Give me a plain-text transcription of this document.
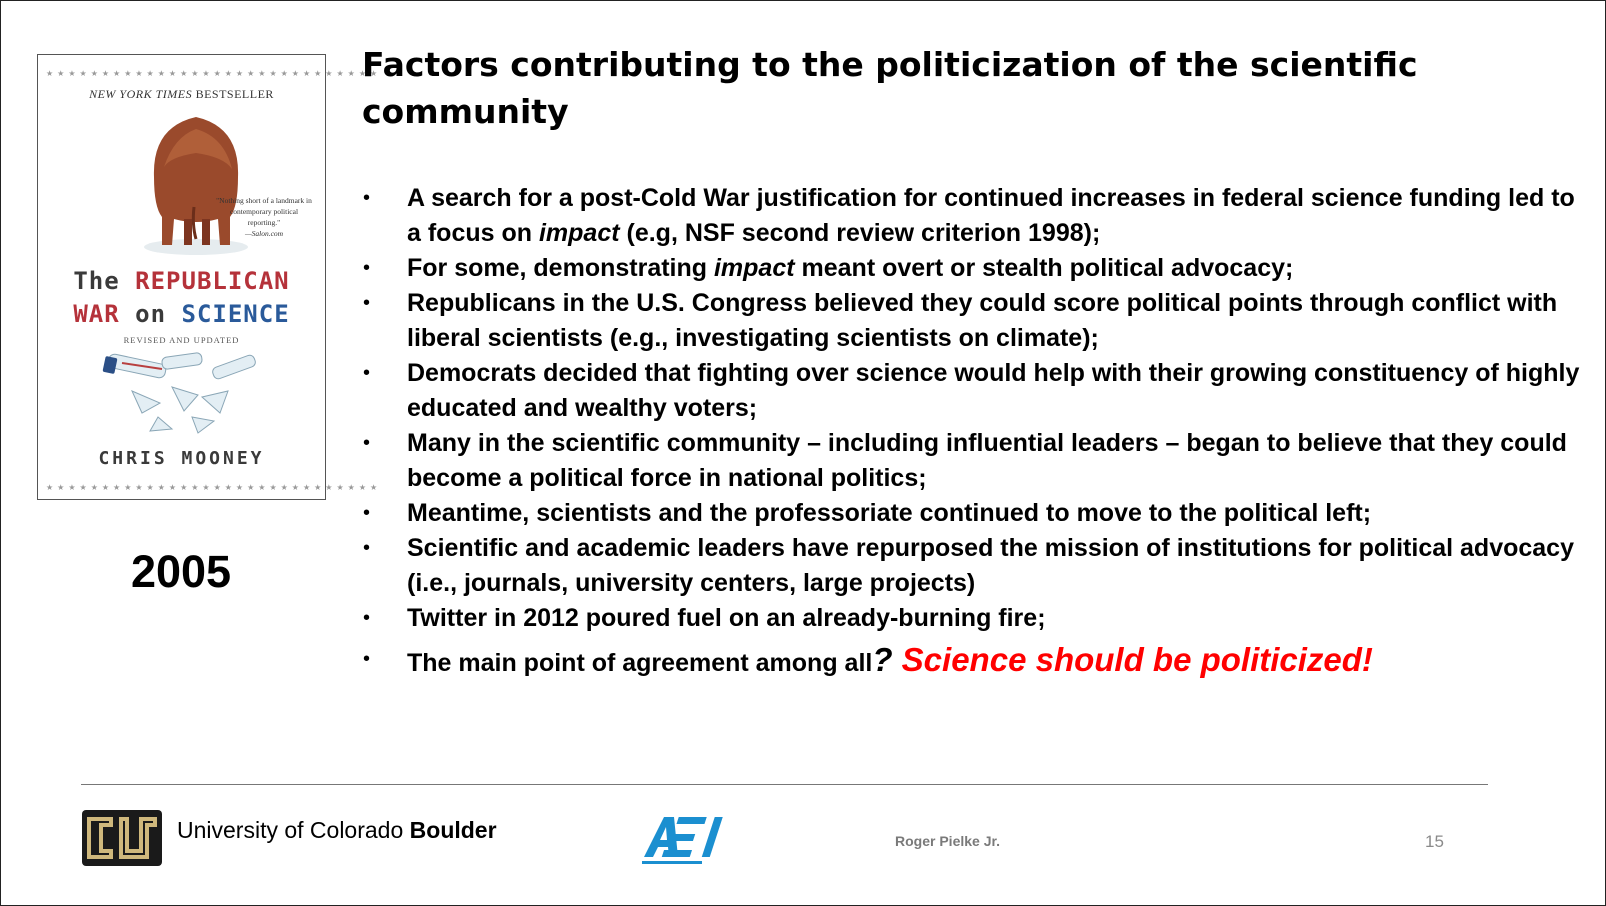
★★★★★★★★★★★★★★★★★★★★★★★★★★★★★★
NEW YORK TIMES BESTSELLER
"Nothing short of a landmark in contemporary political reporting."
—Salon.com
The REPUBLICAN
WAR on SCIENCE
REVISED AND UPDATED
CHRIS MOONEY
★★★★★★★★★★★★★★★★★★★★★★★★★★★★★★
2005
Factors contributing to the politicization of the scientific community
•	A search for a post-Cold War justification for continued increases in federal science funding led to a focus on impact (e.g, NSF second review criterion 1998);
•	For some, demonstrating impact meant overt or stealth political advocacy;
•	Republicans in the U.S. Congress believed they could score political points through conflict with liberal scientists (e.g., investigating scientists on climate);
•	Democrats decided that fighting over science would help with their growing constituency of highly educated and wealthy voters;
•	Many in the scientific community – including influential leaders – began to believe that they could become a political force in national politics;
•	Meantime, scientists and the professoriate continued to move to the political left;
•	Scientific and academic leaders have repurposed the mission of institutions for political advocacy (i.e., journals, university centers, large projects)
•	Twitter in 2012 poured fuel on an already-burning fire;
•	The main point of agreement among all? Science should be politicized!
University of Colorado Boulder	Roger Pielke Jr.	15
